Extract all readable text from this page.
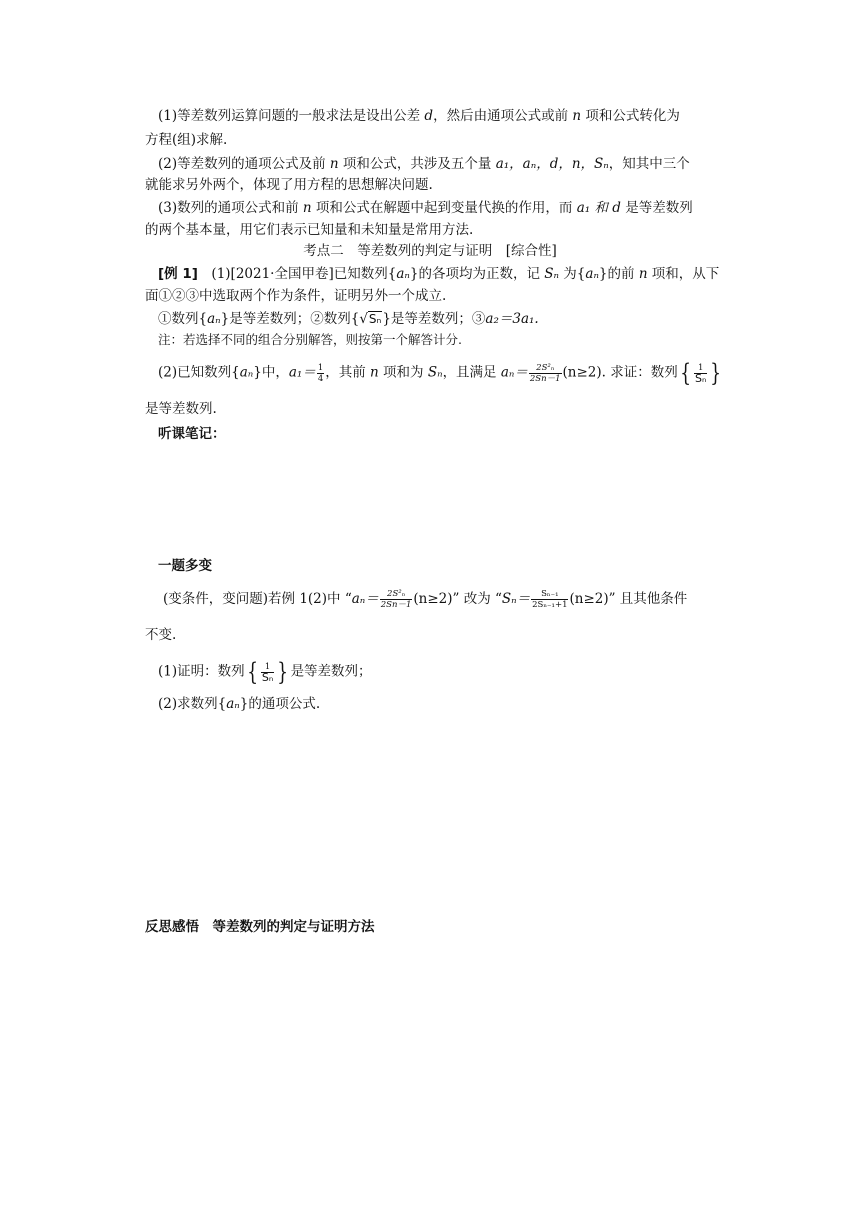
(1)等差数列运算问题的一般求法是设出公差 d，然后由通项公式或前 n 项和公式转化为
方程(组)求解.
(2)等差数列的通项公式及前 n 项和公式，共涉及五个量 a₁，aₙ，d，n，Sₙ，知其中三个
就能求另外两个，体现了用方程的思想解决问题.
(3)数列的通项公式和前 n 项和公式在解题中起到变量代换的作用，而 a₁ 和 d 是等差数列
的两个基本量，用它们表示已知量和未知量是常用方法.
考点二　等差数列的判定与证明　[综合性]
[例 1]　(1)[2021·全国甲卷]已知数列{aₙ}的各项均为正数，记 Sₙ 为{aₙ}的前 n 项和，从下
面①②③中选取两个作为条件，证明另外一个成立.
①数列{aₙ}是等差数列；②数列{√Sₙ}是等差数列；③a₂＝3a₁.
注：若选择不同的组合分别解答，则按第一个解答计分.
(2)已知数列{aₙ}中，$a_1= \frac{1}{4}$ ，其前 n 项和为 Sₙ，且满足 $a_n= \frac{\text{2S²ₙ}}{2Sn-1} (n\ge 2)$. 求证：数列{ $\frac{1}{\text{Sₙ}}$ }
是等差数列.
听课笔记：
一题多变
(变条件，变问题)若例 1(2)中 “$a_n= \frac{\text{2S²ₙ}}{2Sn-1} (n\ge 2)$” 改为 “$S_n= \frac{\text{Sₙ₋₁}}{\text{2Sₙ₋₁+1}} (n\ge 2)$” 且其他条件
不变.
(1)证明：数列{ $\frac{1}{\text{Sₙ}}$ } 是等差数列；
(2)求数列{aₙ}的通项公式.
反思感悟　等差数列的判定与证明方法
